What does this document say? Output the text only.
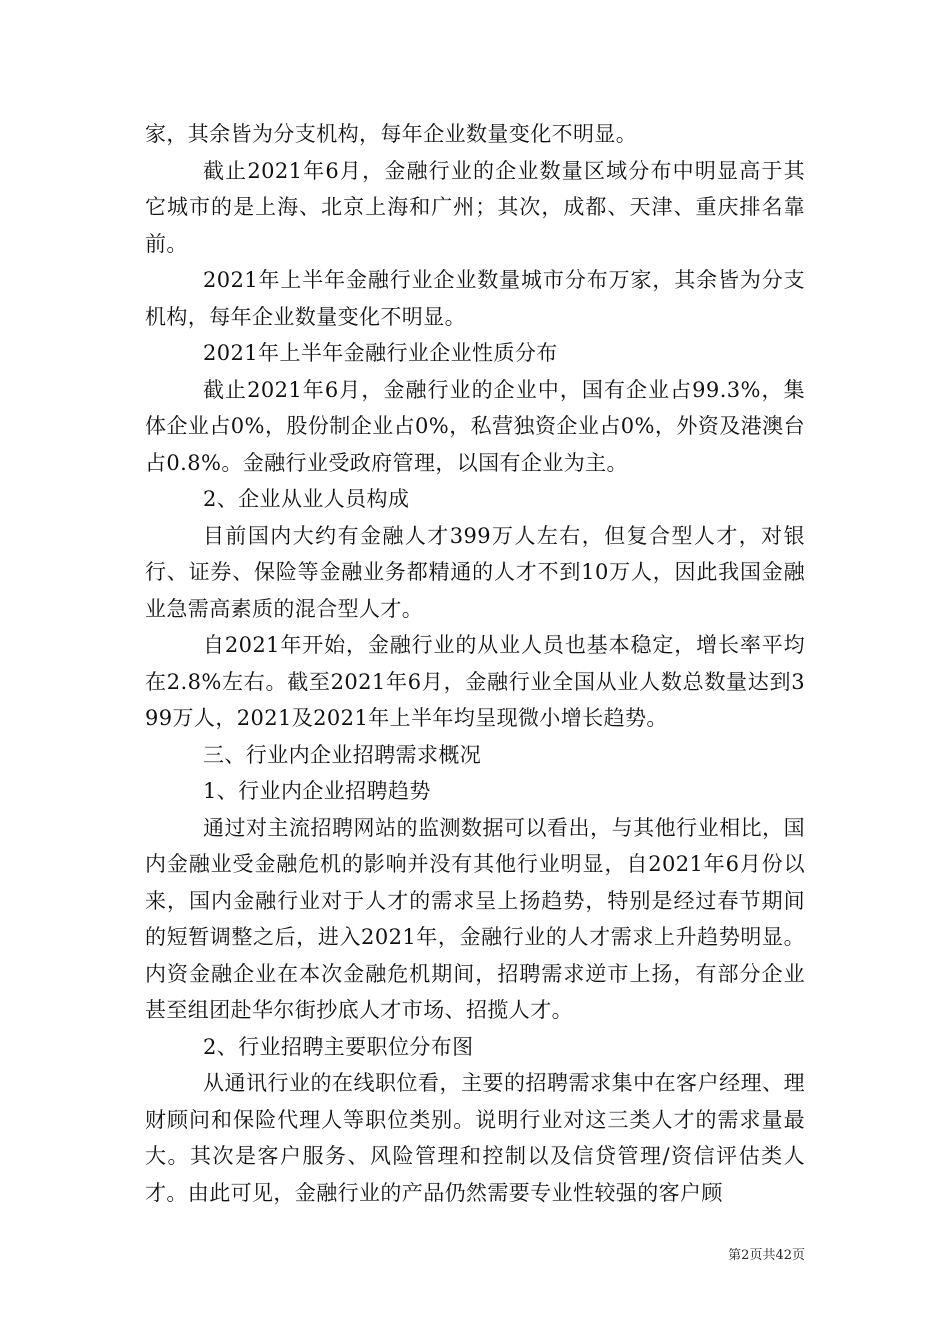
家，其余皆为分支机构，每年企业数量变化不明显。

截止2021年6月，金融行业的企业数量区域分布中明显高于其它城市的是上海、北京上海和广州；其次，成都、天津、重庆排名靠前。

2021年上半年金融行业企业数量城市分布万家，其余皆为分支机构，每年企业数量变化不明显。

2021年上半年金融行业企业性质分布

截止2021年6月，金融行业的企业中，国有企业占99.3%，集体企业占0%，股份制企业占0%，私营独资企业占0%，外资及港澳台占0.8%。金融行业受政府管理，以国有企业为主。

2、企业从业人员构成

目前国内大约有金融人才399万人左右，但复合型人才，对银行、证券、保险等金融业务都精通的人才不到10万人，因此我国金融业急需高素质的混合型人才。

自2021年开始，金融行业的从业人员也基本稳定，增长率平均在2.8%左右。截至2021年6月，金融行业全国从业人数总数量达到399万人，2021及2021年上半年均呈现微小增长趋势。

三、行业内企业招聘需求概况

1、行业内企业招聘趋势

通过对主流招聘网站的监测数据可以看出，与其他行业相比，国内金融业受金融危机的影响并没有其他行业明显，自2021年6月份以来，国内金融行业对于人才的需求呈上扬趋势，特别是经过春节期间的短暂调整之后，进入2021年，金融行业的人才需求上升趋势明显。内资金融企业在本次金融危机期间，招聘需求逆市上扬，有部分企业甚至组团赴华尔街抄底人才市场、招揽人才。

2、行业招聘主要职位分布图

从通讯行业的在线职位看，主要的招聘需求集中在客户经理、理财顾问和保险代理人等职位类别。说明行业对这三类人才的需求量最大。其次是客户服务、风险管理和控制以及信贷管理/资信评估类人才。由此可见，金融行业的产品仍然需要专业性较强的客户顾

第2页共42页
